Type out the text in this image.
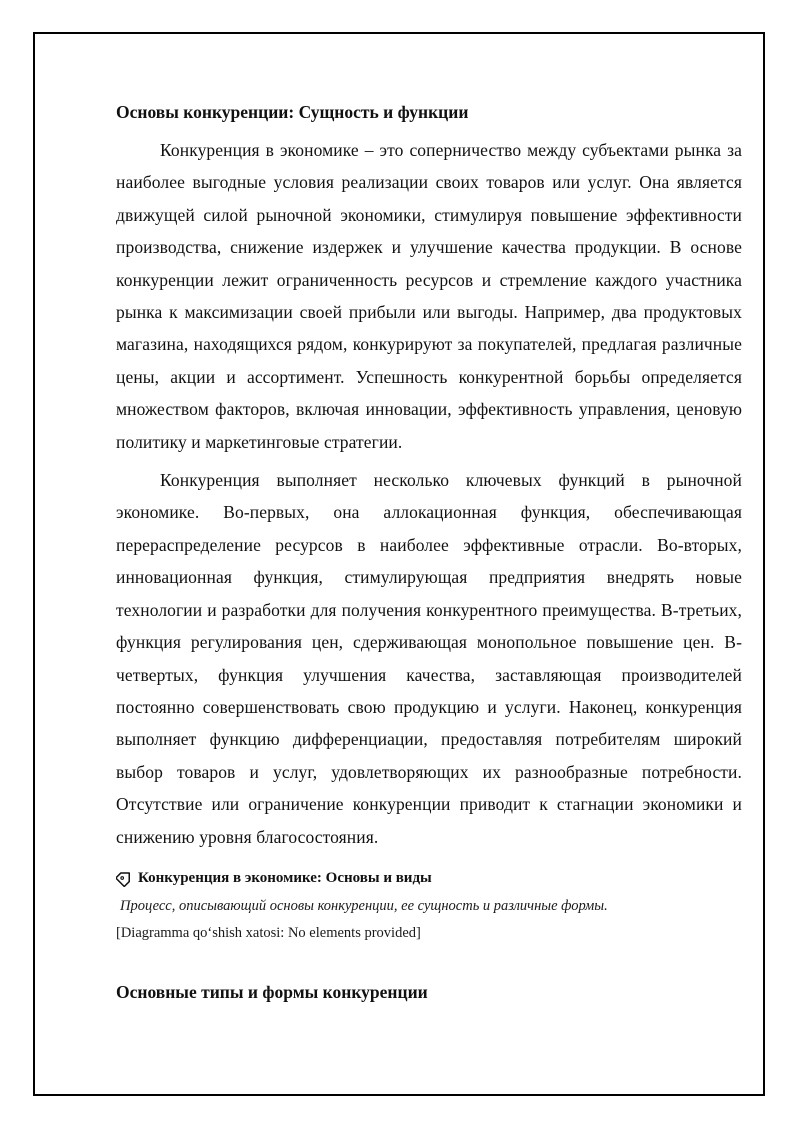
Основы конкуренции: Сущность и функции

Конкуренция в экономике – это соперничество между субъектами рынка за наиболее выгодные условия реализации своих товаров или услуг. Она является движущей силой рыночной экономики, стимулируя повышение эффективности производства, снижение издержек и улучшение качества продукции. В основе конкуренции лежит ограниченность ресурсов и стремление каждого участника рынка к максимизации своей прибыли или выгоды. Например, два продуктовых магазина, находящихся рядом, конкурируют за покупателей, предлагая различные цены, акции и ассортимент. Успешность конкурентной борьбы определяется множеством факторов, включая инновации, эффективность управления, ценовую политику и маркетинговые стратегии.

Конкуренция выполняет несколько ключевых функций в рыночной экономике. Во-первых, она аллокационная функция, обеспечивающая перераспределение ресурсов в наиболее эффективные отрасли. Во-вторых, инновационная функция, стимулирующая предприятия внедрять новые технологии и разработки для получения конкурентного преимущества. В-третьих, функция регулирования цен, сдерживающая монопольное повышение цен. В-четвертых, функция улучшения качества, заставляющая производителей постоянно совершенствовать свою продукцию и услуги. Наконец, конкуренция выполняет функцию дифференциации, предоставляя потребителям широкий выбор товаров и услуг, удовлетворяющих их разнообразные потребности. Отсутствие или ограничение конкуренции приводит к стагнации экономики и снижению уровня благосостояния.

Конкуренция в экономике: Основы и виды
Процесс, описывающий основы конкуренции, ее сущность и различные формы.
[Diagramma qo‘shish xatosi: No elements provided]
Основные типы и формы конкуренции
